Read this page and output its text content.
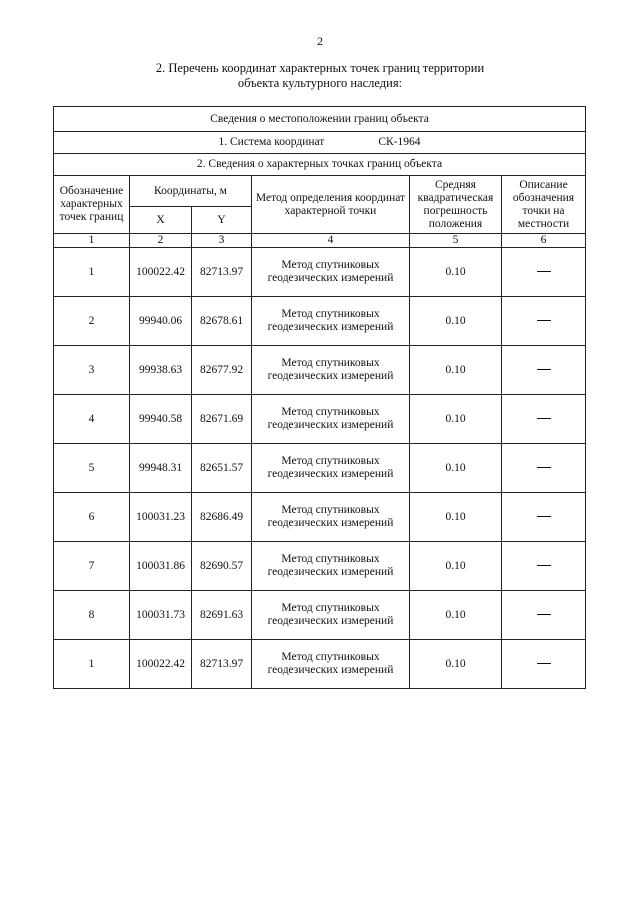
2
2. Перечень координат характерных точек границ территории
объекта культурного наследия:
Сведения о местоположении границ объекта					
1. Система координат СК-1964					
2. Сведения о характерных точках границ объекта					
Обозначение характерных точек границ	Координаты, м		Метод определения координат характерной точки	Средняя квадратическая погрешность положения	Описание обозначения точки на местности
	X	Y			
1	2	3	4	5	6
1	100022.42	82713.97	Метод спутниковых геодезических измерений	0.10	
2	99940.06	82678.61	Метод спутниковых геодезических измерений	0.10	
3	99938.63	82677.92	Метод спутниковых геодезических измерений	0.10	
4	99940.58	82671.69	Метод спутниковых геодезических измерений	0.10	
5	99948.31	82651.57	Метод спутниковых геодезических измерений	0.10	
6	100031.23	82686.49	Метод спутниковых геодезических измерений	0.10	
7	100031.86	82690.57	Метод спутниковых геодезических измерений	0.10	
8	100031.73	82691.63	Метод спутниковых геодезических измерений	0.10	
1	100022.42	82713.97	Метод спутниковых геодезических измерений	0.10	
